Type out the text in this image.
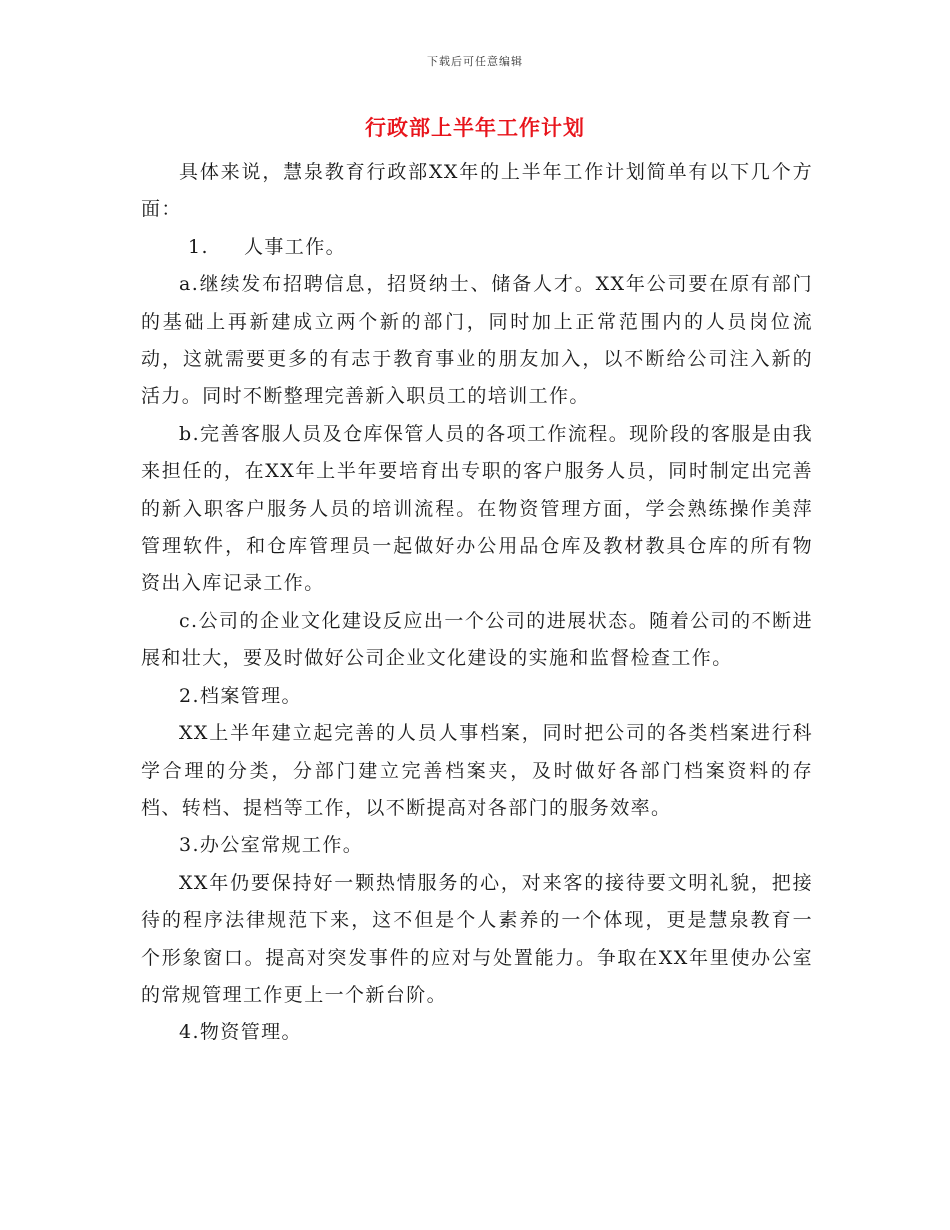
下载后可任意编辑
行政部上半年工作计划

具体来说，慧泉教育行政部XX年的上半年工作计划简单有以下几个方面：

1. 人事工作。

a.继续发布招聘信息，招贤纳士、储备人才。XX年公司要在原有部门的基础上再新建成立两个新的部门，同时加上正常范围内的人员岗位流动，这就需要更多的有志于教育事业的朋友加入，以不断给公司注入新的活力。同时不断整理完善新入职员工的培训工作。

b.完善客服人员及仓库保管人员的各项工作流程。现阶段的客服是由我来担任的，在XX年上半年要培育出专职的客户服务人员，同时制定出完善的新入职客户服务人员的培训流程。在物资管理方面，学会熟练操作美萍管理软件，和仓库管理员一起做好办公用品仓库及教材教具仓库的所有物资出入库记录工作。

c.公司的企业文化建设反应出一个公司的进展状态。随着公司的不断进展和壮大，要及时做好公司企业文化建设的实施和监督检查工作。

2.档案管理。

XX上半年建立起完善的人员人事档案，同时把公司的各类档案进行科学合理的分类，分部门建立完善档案夹，及时做好各部门档案资料的存档、转档、提档等工作，以不断提高对各部门的服务效率。

3.办公室常规工作。

XX年仍要保持好一颗热情服务的心，对来客的接待要文明礼貌，把接待的程序法律规范下来，这不但是个人素养的一个体现，更是慧泉教育一个形象窗口。提高对突发事件的应对与处置能力。争取在XX年里使办公室的常规管理工作更上一个新台阶。

4.物资管理。
